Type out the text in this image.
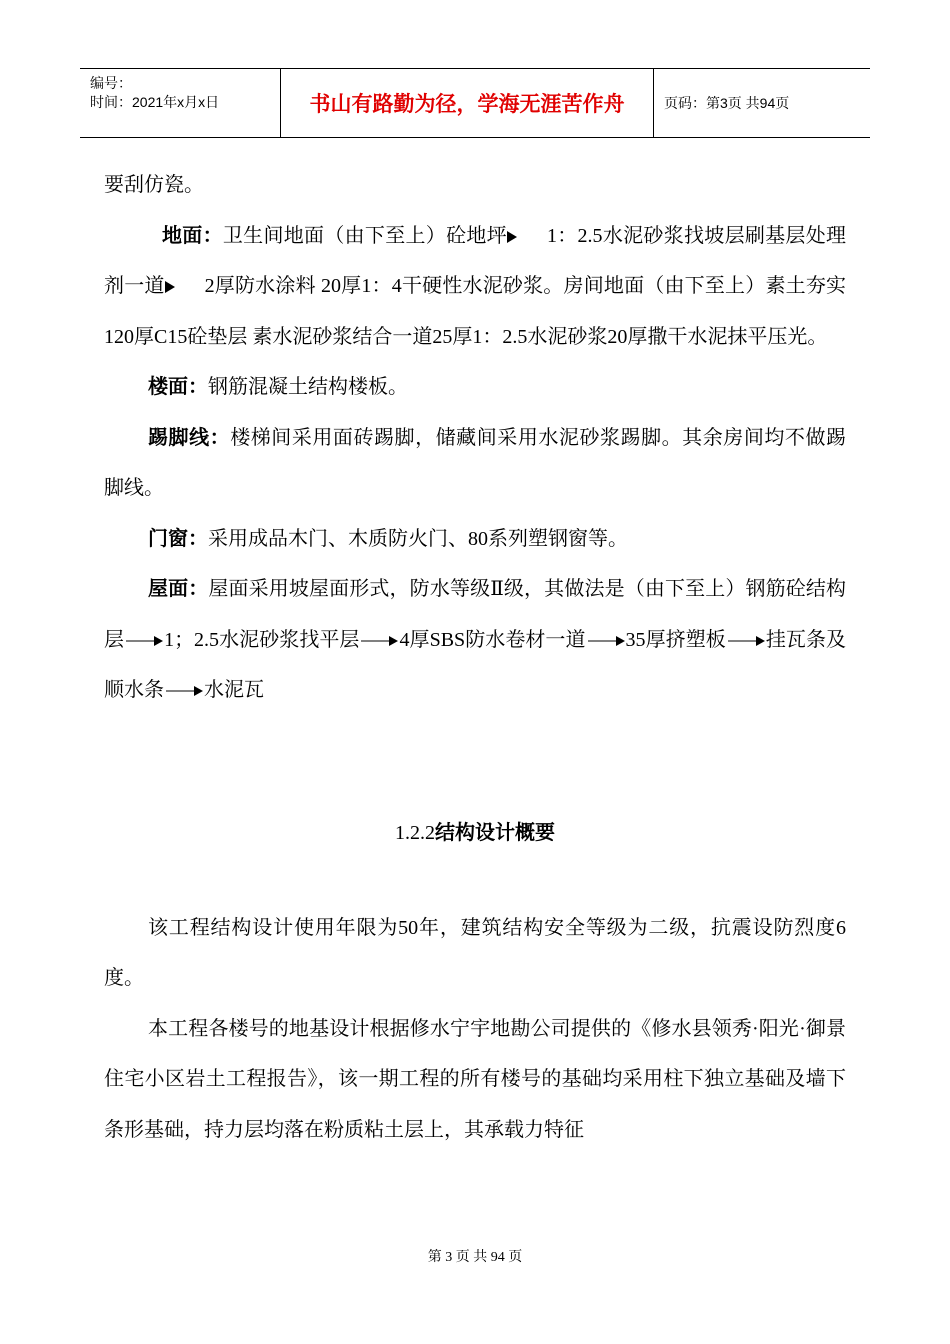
编号：
时间：2021年x月x日	书山有路勤为径，学海无涯苦作舟	页码：第3页 共94页

要刮仿瓷。

地面：卫生间地面（由下至上）砼地坪 1：2.5水泥砂浆找坡层刷基层处理剂一道 2厚防水涂料 20厚1：4干硬性水泥砂浆。房间地面（由下至上）素土夯实 120厚C15砼垫层 素水泥砂浆结合一道25厚1：2.5水泥砂浆20厚撒干水泥抹平压光。

楼面：钢筋混凝土结构楼板。

踢脚线：楼梯间采用面砖踢脚，储藏间采用水泥砂浆踢脚。其余房间均不做踢脚线。

门窗：采用成品木门、木质防火门、80系列塑钢窗等。

屋面：屋面采用坡屋面形式，防水等级Ⅱ级，其做法是（由下至上）钢筋砼结构层 1；2.5水泥砂浆找平层 4厚SBS防水卷材一道 35厚挤塑板 挂瓦条及顺水条 水泥瓦

1.2.2结构设计概要

该工程结构设计使用年限为50年，建筑结构安全等级为二级，抗震设防烈度6度。

本工程各楼号的地基设计根据修水宁宇地勘公司提供的《修水县领秀·阳光·御景住宅小区岩土工程报告》，该一期工程的所有楼号的基础均采用柱下独立基础及墙下条形基础，持力层均落在粉质粘土层上，其承载力特征

第 3 页 共 94 页
